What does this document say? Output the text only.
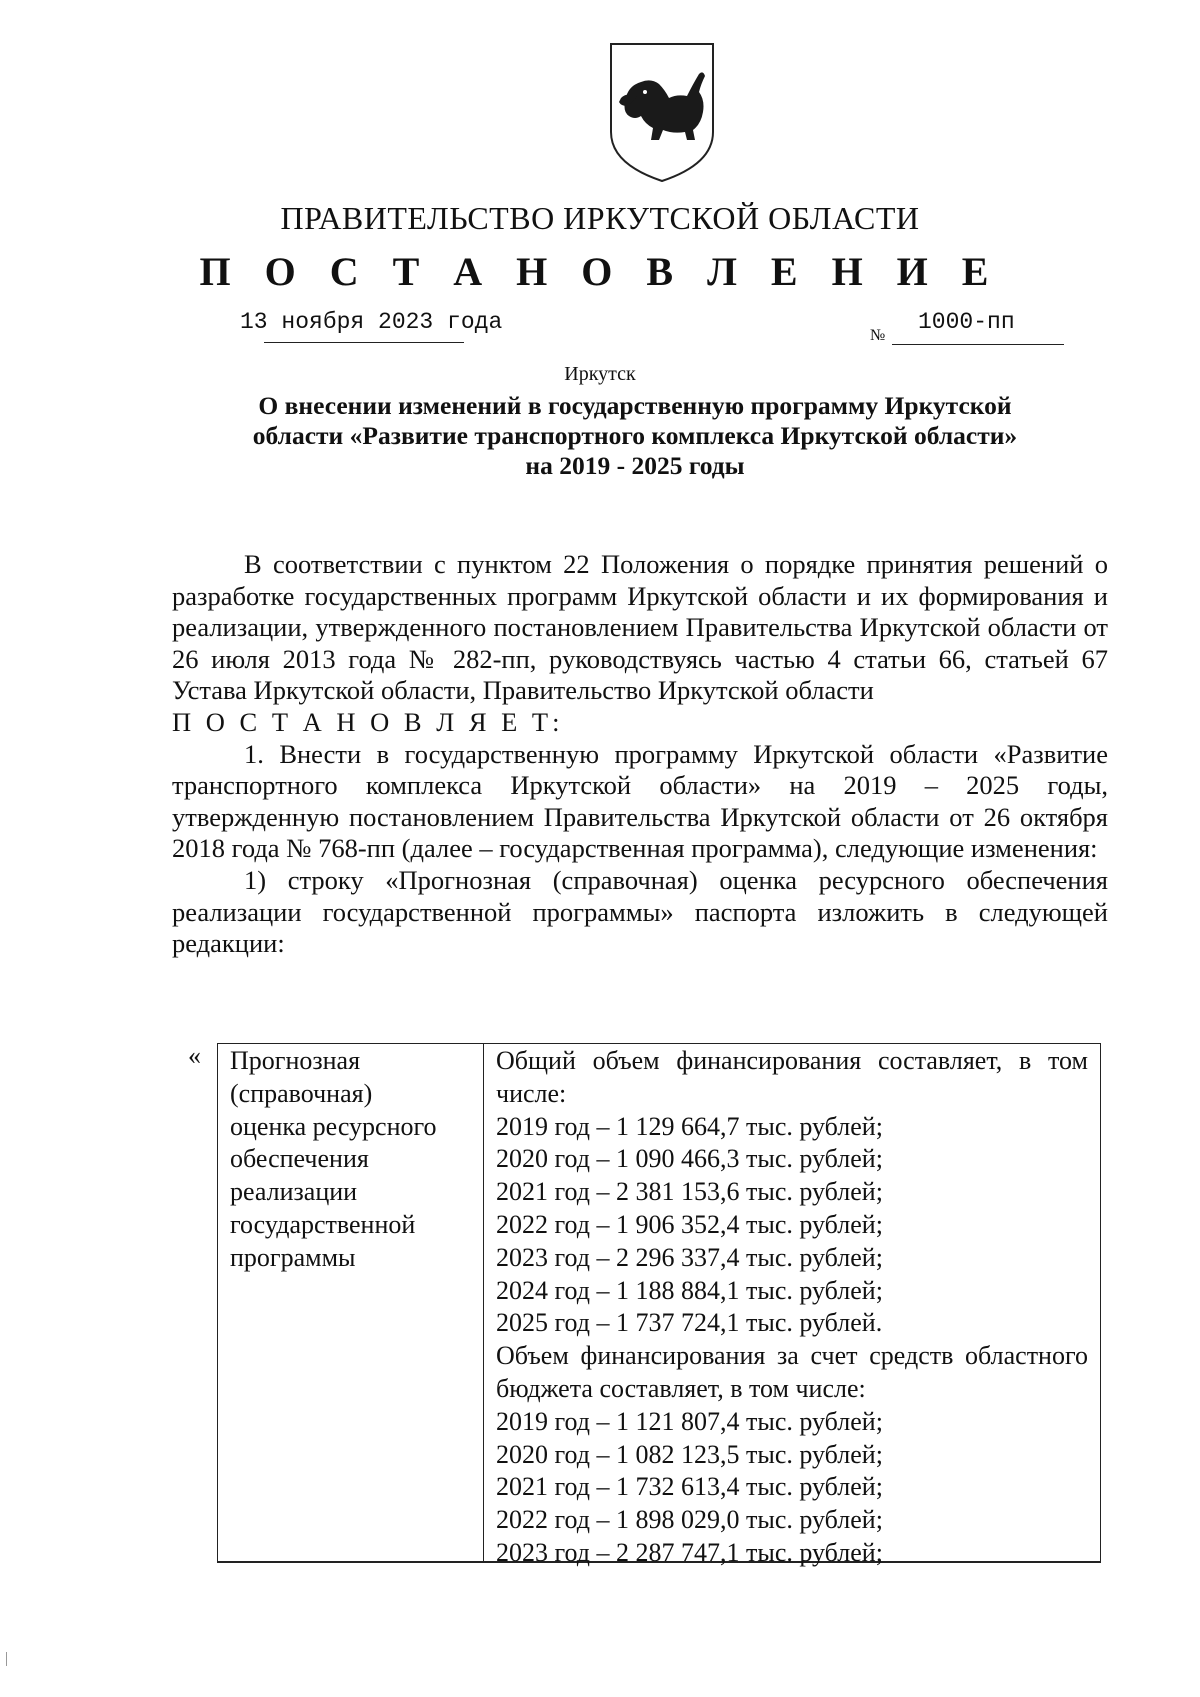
ПРАВИТЕЛЬСТВО ИРКУТСКОЙ ОБЛАСТИ
П О С Т А Н О В Л Е Н И Е
13 ноября 2023 года
№
1000-пп
Иркутск
О внесении изменений в государственную программу Иркутской
области «Развитие транспортного комплекса Иркутской области»
на 2019 - 2025 годы

В соответствии с пунктом 22 Положения о порядке принятия решений о разработке государственных программ Иркутской области и их формирования и реализации, утвержденного постановлением Правительства Иркутской области от 26 июля 2013 года № 282-пп, руководствуясь частью 4 статьи 66, статьей 67 Устава Иркутской области, Правительство Иркутской области

П О С Т А Н О В Л Я Е Т:

1. Внести в государственную программу Иркутской области «Развитие транспортного комплекса Иркутской области» на 2019 – 2025 годы, утвержденную постановлением Правительства Иркутской области от 26 октября 2018 года № 768-пп (далее – государственная программа), следующие изменения:

1) строку «Прогнозная (справочная) оценка ресурсного обеспечения реализации государственной программы» паспорта изложить в следующей редакции:

« Прогнозная
(справочная)
оценка ресурсного
обеспечения
реализации
государственной
программы
Общий объем финансирования составляет, в том числе:
2019 год – 1 129 664,7 тыс. рублей;
2020 год – 1 090 466,3 тыс. рублей;
2021 год – 2 381 153,6 тыс. рублей;
2022 год – 1 906 352,4 тыс. рублей;
2023 год – 2 296 337,4 тыс. рублей;
2024 год – 1 188 884,1 тыс. рублей;
2025 год – 1 737 724,1 тыс. рублей.
Объем финансирования за счет средств областного бюджета составляет, в том числе:
2019 год – 1 121 807,4 тыс. рублей;
2020 год – 1 082 123,5 тыс. рублей;
2021 год – 1 732 613,4 тыс. рублей;
2022 год – 1 898 029,0 тыс. рублей;
2023 год – 2 287 747,1 тыс. рублей;
